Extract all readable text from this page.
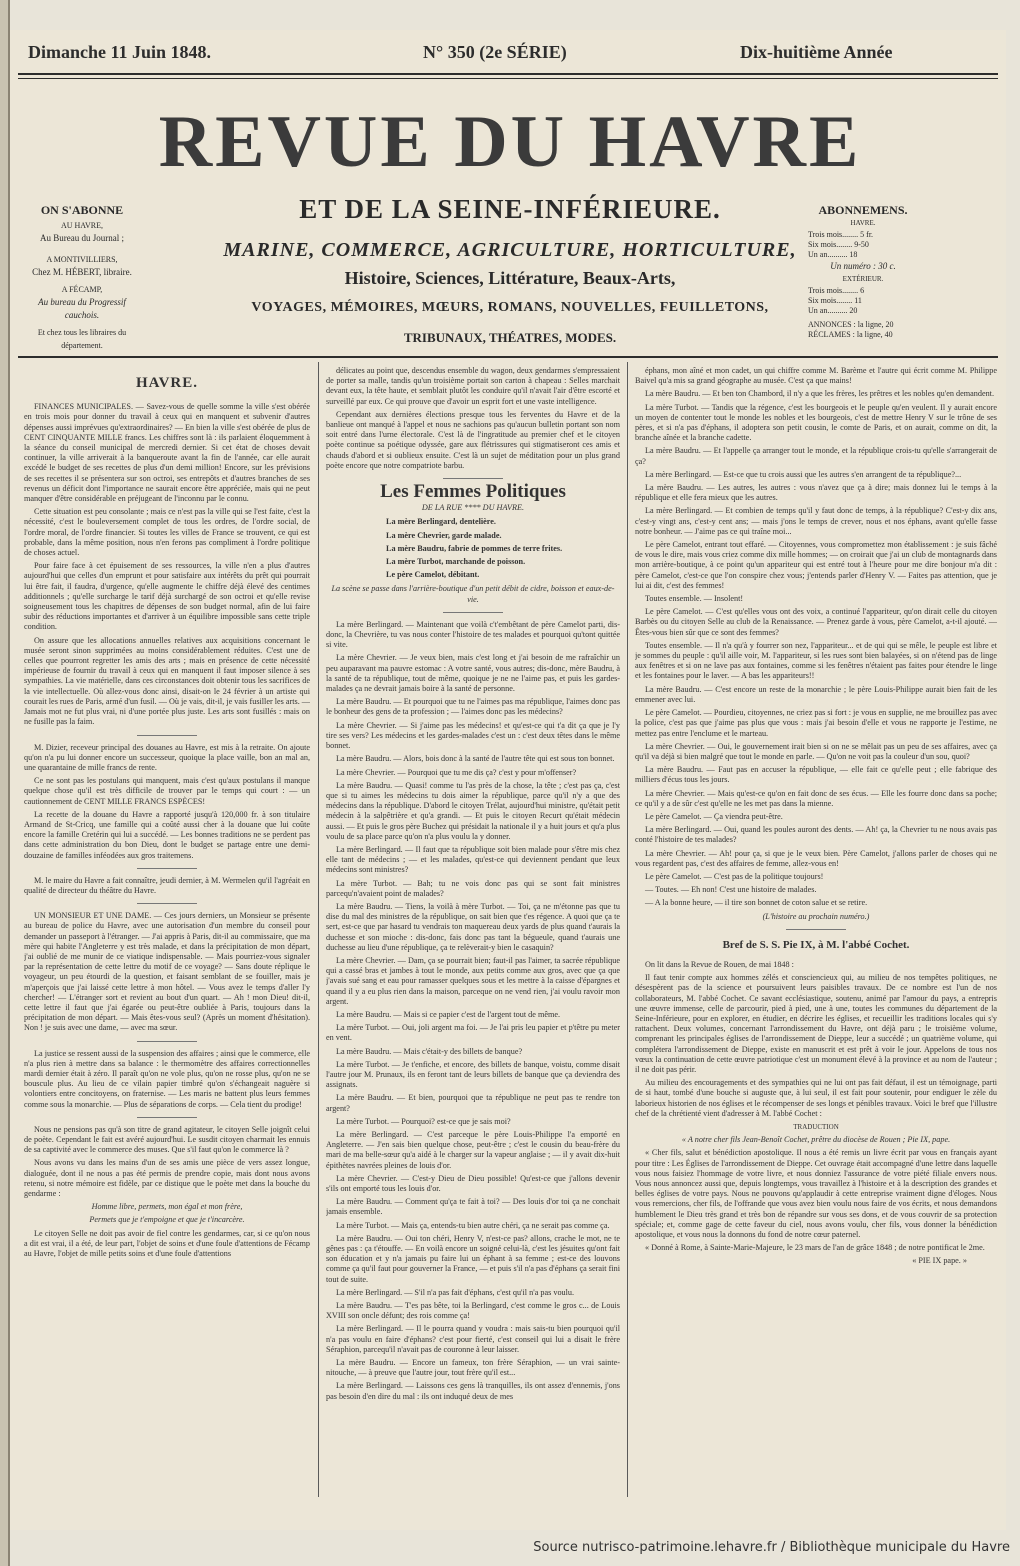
Dimanche 11 Juin 1848.	N° 350 (2e SÉRIE)	Dix-huitième Année
REVUE DU HAVRE
ET DE LA SEINE-INFÉRIEURE.
MARINE, COMMERCE, AGRICULTURE, HORTICULTURE,
Histoire, Sciences, Littérature, Beaux-Arts,
VOYAGES, MÉMOIRES, MŒURS, ROMANS, NOUVELLES, FEUILLETONS,
TRIBUNAUX, THÉATRES, MODES.
ON S'ABONNE
AU HAVRE,
Au Bureau du Journal ;
A MONTIVILLIERS,
Chez M. HÉBERT, libraire.
A FÉCAMP,
Au bureau du Progressif cauchois.
Et chez tous les libraires du département.
ABONNEMENS.
HAVRE.
Trois mois........ 5 fr.
Six mois........ 9-50
Un an.......... 18
Un numéro : 30 c.
EXTÉRIEUR.
Trois mois........ 6
Six mois........ 11
Un an.......... 20
ANNONCES : la ligne, 20
RÉCLAMES : la ligne, 40

HAVRE.

FINANCES MUNICIPALES. — Savez-vous de quelle somme la ville s'est obérée en trois mois pour donner du travail à ceux qui en manquent et subvenir d'autres dépenses aussi imprévues qu'extraordinaires? — En bien la ville s'est obérée de plus de CENT CINQUANTE MILLE francs. Les chiffres sont là : ils parlaient éloquemment à la séance du conseil municipal de mercredi dernier. Si cet état de choses devait continuer, la ville arriverait à la banqueroute avant la fin de l'année, car elle aurait excédé le budget de ses recettes de plus d'un demi million! Encore, sur les prévisions de ses recettes il se présentera sur son octroi, ses entrepôts et d'autres branches de ses revenus un déficit dont l'importance ne saurait encore être appréciée, mais qui ne peut manquer d'être considérable en préjugeant de l'inconnu par le connu.

Cette situation est peu consolante ; mais ce n'est pas la ville qui se l'est faite, c'est la nécessité, c'est le bouleversement complet de tous les ordres, de l'ordre social, de l'ordre moral, de l'ordre financier. Si toutes les villes de France se trouvent, ce qui est probable, dans la même position, nous n'en ferons pas compliment à l'ordre politique de choses actuel.

Pour faire face à cet épuisement de ses ressources, la ville n'en a plus d'autres aujourd'hui que celles d'un emprunt et pour satisfaire aux intérêts du prêt qui pourrait lui être fait, il faudra, d'urgence, qu'elle augmente le chiffre déjà élevé des centimes additionnels ; qu'elle surcharge le tarif déjà surchargé de son octroi et qu'elle revise soigneusement tous les chapitres de dépenses de son budget normal, afin de lui faire subir des réductions importantes et d'arriver à un équilibre impossible sans cette triple condition.

On assure que les allocations annuelles relatives aux acquisitions concernant le musée seront sinon supprimées au moins considérablement réduites. C'est une de celles que pourront regretter les amis des arts ; mais en présence de cette nécessité impérieuse de fournir du travail à ceux qui en manquent il faut imposer silence à ses sympathies. La vie matérielle, dans ces circonstances doit obtenir tous les sacrifices de la vie intellectuelle. Où allez-vous donc ainsi, disait-on le 24 février à un artiste qui courait les rues de Paris, armé d'un fusil. — Où je vais, dit-il, je vais fusiller les arts. — Jamais mot ne fut plus vrai, ni d'une portée plus juste. Les arts sont fusillés : mais on ne fusille pas la faim.

M. Dizier, receveur principal des douanes au Havre, est mis à la retraite. On ajoute qu'on n'a pu lui donner encore un successeur, quoique la place vaille, bon an mal an, une quarantaine de mille francs de rente.

Ce ne sont pas les postulans qui manquent, mais c'est qu'aux postulans il manque quelque chose qu'il est très difficile de trouver par le temps qui court : — un cautionnement de CENT MILLE FRANCS ESPÈCES!

La recette de la douane du Havre a rapporté jusqu'à 120,000 fr. à son titulaire Armand de St-Cricq, une famille qui a coûté aussi cher à la douane que lui coûte encore la famille Cretérin qui lui a succédé. — Les bonnes traditions ne se perdent pas dans cette administration du bon Dieu, dont le budget se partage entre une demi-douzaine de familles inféodées aux gros traitemens.

M. le maire du Havre a fait connaître, jeudi dernier, à M. Wermelen qu'il l'agréait en qualité de directeur du théâtre du Havre.

UN MONSIEUR ET UNE DAME. — Ces jours derniers, un Monsieur se présente au bureau de police du Havre, avec une autorisation d'un membre du conseil pour demander un passeport à l'étranger. — J'ai appris à Paris, dit-il au commissaire, que ma mère qui habite l'Angleterre y est très malade, et dans la précipitation de mon départ, j'ai oublié de me munir de ce viatique indispensable. — Mais pourriez-vous signaler par la représentation de cette lettre du motif de ce voyage? — Sans doute réplique le voyageur, un peu étourdi de la question, et faisant semblant de se fouiller, mais je m'aperçois que j'ai laissé cette lettre à mon hôtel. — Vous avez le temps d'aller l'y chercher! — L'étranger sort et revient au bout d'un quart. — Ah ! mon Dieu! dit-il, cette lettre il faut que j'ai égarée ou peut-être oubliée à Paris, toujours dans la précipitation de mon départ. — Mais êtes-vous seul? (Après un moment d'hésitation). Non ! je suis avec une dame, — avec ma sœur.

La justice se ressent aussi de la suspension des affaires ; ainsi que le commerce, elle n'a plus rien à mettre dans sa balance : le thermomètre des affaires correctionnelles mardi dernier était à zéro. Il paraît qu'on ne vole plus, qu'on ne rosse plus, qu'on ne se bouscule plus. Au lieu de ce vilain papier timbré qu'on s'échangeait naguère si volontiers entre concitoyens, on fraternise. — Les maris ne battent plus leurs femmes comme sous la monarchie. — Plus de séparations de corps. — Cela tient du prodige!

Nous ne pensions pas qu'à son titre de grand agitateur, le citoyen Selle joignît celui de poète. Cependant le fait est avéré aujourd'hui. Le susdit citoyen charmait les ennuis de sa captivité avec le commerce des muses. Que s'il faut qu'on le commerce là ?

Nous avons vu dans les mains d'un de ses amis une pièce de vers assez longue, dialoguée, dont il ne nous a pas été permis de prendre copie, mais dont nous avons retenu, si notre mémoire est fidèle, par ce distique que le poète met dans la bouche du gendarme :

Homme libre, permets, mon égal et mon frère,

Permets que je t'empoigne et que je t'incarcère.

Le citoyen Selle ne doit pas avoir de fiel contre les gendarmes, car, si ce qu'on nous a dit est vrai, il a été, de leur part, l'objet de soins et d'une foule d'attentions de Fécamp au Havre, l'objet de mille petits soins et d'une foule d'attentions

délicates au point que, descendus ensemble du wagon, deux gendarmes s'empressaient de porter sa malle, tandis qu'un troisième portait son carton à chapeau : Selles marchait devant eux, la tête haute, et semblait plutôt les conduire qu'il n'avait l'air d'être escorté et surveillé par eux. Ce qui prouve que d'avoir un esprit fort et une vaste intelligence.

Cependant aux dernières élections presque tous les ferventes du Havre et de la banlieue ont manqué à l'appel et nous ne sachions pas qu'aucun bulletin portant son nom soit entré dans l'urne électorale. C'est là de l'ingratitude au premier chef et le citoyen poète continue sa poétique odyssée, gare aux flétrissures qui stigmatiseront ces amis et chauds d'abord et si oublieux ensuite. C'est là un sujet de méditation pour un plus grand poète encore que notre compatriote barbu.

Les Femmes Politiques

DE LA RUE **** DU HAVRE.

La mère Berlingard, dentelière.

La mère Chevrier, garde malade.

La mère Baudru, fabrie de pommes de terre frites.

La mère Turbot, marchande de poisson.

Le père Camelot, débitant.

La scène se passe dans l'arrière-boutique d'un petit débit de cidre, boisson et eaux-de-vie.

La mère Berlingard. — Maintenant que voilà c't'embêtant de père Camelot parti, dis-donc, la Chevrière, tu vas nous conter l'histoire de tes malades et pourquoi qu'tont quittée si vite.

La mère Chevrier. — Je veux bien, mais c'est long et j'ai besoin de me rafraîchir un peu auparavant ma pauvre estomac : A votre santé, vous autres; dis-donc, mère Baudru, à la santé de ta république, tout de même, quoique je ne ne l'aime pas, et puis les gardes-malades ça ne devrait jamais boire à la santé de personne.

La mère Baudru. — Et pourquoi que tu ne l'aimes pas ma république, l'aimes donc pas le bonheur des gens de ta profession ; — l'aimes donc pas les médecins?

La mère Chevrier. — Si j'aime pas les médecins! et qu'est-ce qui t'a dit ça que je l'y tire ses vers? Les médecins et les gardes-malades c'est un : c'est deux têtes dans le même bonnet.

La mère Baudru. — Alors, bois donc à la santé de l'autre tête qui est sous ton bonnet.

La mère Chevrier. — Pourquoi que tu me dis ça? c'est y pour m'offenser?

La mère Baudru. — Quasi! comme tu l'as près de la chose, la tête ; c'est pas ça, c'est que si tu aimes les médecins tu dois aimer la république, parce qu'il n'y a que des médecins dans la république. D'abord le citoyen Trélat, aujourd'hui ministre, qu'était petit médecin à la salpêtrière et qu'a grandi. — Et puis le citoyen Recurt qu'était médecin aussi. — Et puis le gros père Buchez qui présidait la nationale il y a huit jours et qu'a plus voulu de sa place parce qu'on n'a plus voulu la y donner.

La mère Berlingard. — Il faut que ta république soit bien malade pour s'être mis chez elle tant de médecins ; — et les malades, qu'est-ce qui deviennent pendant que leux médecins sont ministres?

La mère Turbot. — Bah; tu ne vois donc pas qui se sont fait ministres parcequ'n'avaient point de malades?

La mère Baudru. — Tiens, la voilà à mère Turbot. — Toi, ça ne m'étonne pas que tu dise du mal des ministres de la république, on sait bien que t'es régence. A quoi que ça te sert, est-ce que par hasard tu vendrais ton maquereau deux yards de plus quand t'aurais la duchesse et son mioche : dis-donc, fais donc pas tant la bégueule, quand t'aurais une duchesse au lieu d'une république, ça te relèverait-y bien le casaquin?

La mère Chevrier. — Dam, ça se pourrait bien; faut-il pas l'aimer, ta sacrée république qui a cassé bras et jambes à tout le monde, aux petits comme aux gros, avec que ça que j'avais sué sang et eau pour ramasser quelques sous et les mettre à la caisse d'épargnes et quand il y a eu plus rien dans la maison, parceque on ne vend rien, j'ai voulu ravoir mon argent.

La mère Baudru. — Mais si ce papier c'est de l'argent tout de même.

La mère Turbot. — Oui, joli argent ma foi. — Je l'ai pris leu papier et p'têtre pu meter en vent.

La mère Baudru. — Mais c'était-y des billets de banque?

La mère Turbot. — Je t'enfiche, et encore, des billets de banque, voistu, comme disait l'autre jour M. Prunaux, ils en feront tant de leurs billets de banque que ça deviendra des assignats.

La mère Baudru. — Et bien, pourquoi que ta république ne peut pas te rendre ton argent?

La mère Turbot. — Pourquoi? est-ce que je sais moi?

La mère Berlingard. — C'est parceque le père Louis-Philippe l'a emporté en Angleterre. — J'en sais bien quelque chose, peut-être ; c'est le cousin du beau-frère du mari de ma belle-sœur qu'a aidé à le charger sur la vapeur anglaise ; — il y avait dix-huit épithètes navrées pleines de louis d'or.

La mère Chevrier. — C'est-y Dieu de Dieu possible! Qu'est-ce que j'allons devenir s'ils ont emporté tous les louis d'or.

La mère Baudru. — Comment qu'ça te fait à toi? — Des louis d'or toi ça ne conchait jamais ensemble.

La mère Turbot. — Mais ça, entends-tu bien autre chéri, ça ne serait pas comme ça.

La mère Baudru. — Oui ton chéri, Henry V, n'est-ce pas? allons, crache le mot, ne te gênes pas : ça t'étouffe. — En voilà encore un soigné celui-là, c'est les jésuites qu'ont fait son éducation et y n'a jamais pu faire lui un éphant à sa femme ; est-ce des louvons comme ça qu'il faut pour gouverner la France, — et puis s'il n'a pas d'éphans ça serait fini tout de suite.

La mère Berlingard. — S'il n'a pas fait d'éphans, c'est qu'il n'a pas voulu.

La mère Baudru. — T'es pas bête, toi la Berlingard, c'est comme le gros c... de Louis XVIII son oncle défunt; des rois comme ça!

La mère Berlingard. — Il le pourra quand y voudra : mais sais-tu bien pourquoi qu'il n'a pas voulu en faire d'éphans? c'est pour fierté, c'est conseil qui lui a disait le frère Séraphion, parcequ'il n'avait pas de couronne à leur laisser.

La mère Baudru. — Encore un fameux, ton frère Séraphion, — un vrai sainte-nitouche, — à preuve que l'autre jour, tout frère qu'il est...

La mère Berlingard. — Laissons ces gens là tranquilles, ils ont assez d'ennemis, j'ons pas besoin d'en dire du mal : ils ont induqué deux de mes

éphans, mon aîné et mon cadet, un qui chiffre comme M. Barème et l'autre qui écrit comme M. Philippe Baivel qu'a mis sa grand géographe au musée. C'est ça que mains!

La mère Baudru. — Et ben ton Chambord, il n'y a que les frères, les prêtres et les nobles qu'en demandent.

La mère Turbot. — Tandis que la régence, c'est les bourgeois et le peuple qu'en veulent. Il y aurait encore un moyen de contenter tout le monde les nobles et les bourgeois, c'est de mettre Henry V sur le trône de ses pères, et si n'a pas d'éphans, il adoptera son petit cousin, le comte de Paris, et on aurait, comme on dit, la branche aînée et la branche cadette.

La mère Baudru. — Et l'appelle ça arranger tout le monde, et la république crois-tu qu'elle s'arrangerait de ça?

La mère Berlingard. — Est-ce que tu crois aussi que les autres s'en arrangent de ta république?...

La mère Baudru. — Les autres, les autres : vous n'avez que ça à dire; mais donnez lui le temps à la république et elle fera mieux que les autres.

La mère Berlingard. — Et combien de temps qu'il y faut donc de temps, à la république? C'est-y dix ans, c'est-y vingt ans, c'est-y cent ans; — mais j'ons le temps de crever, nous et nos éphans, avant qu'elle fasse notre bonheur. — J'aime pas ce qui traîne moi...

Le père Camelot, entrant tout effaré. — Citoyennes, vous compromettez mon établissement : je suis fâché de vous le dire, mais vous criez comme dix mille hommes; — on croirait que j'ai un club de montagnards dans mon arrière-boutique, à ce point qu'un appariteur qui est entré tout à l'heure pour me dire bonjour m'a dit : père Camelot, c'est-ce que l'on conspire chez vous; j'entends parler d'Henry V. — Faites pas attention, que je lui ai dit, c'est des femmes!

Toutes ensemble. — Insolent!

Le père Camelot. — C'est qu'elles vous ont des voix, a continué l'appariteur, qu'on dirait celle du citoyen Barbès ou du citoyen Selle au club de la Renaissance. — Prenez garde à vous, père Camelot, a-t-il ajouté. — Êtes-vous bien sûr que ce sont des femmes?

Toutes ensemble. — Il n'a qu'à y fourrer son nez, l'appariteur... et de qui qui se mêle, le peuple est libre et je sommes du peuple : qu'il aille voir, M. l'appariteur, si les rues sont bien balayées, si on n'étend pas de linge aux fenêtres et si on ne lave pas aux fontaines, comme si les fenêtres n'étaient pas faites pour étendre le linge et les fontaines pour le laver. — A bas les appariteurs!!

La mère Baudru. — C'est encore un reste de la monarchie ; le père Louis-Philippe aurait bien fait de les emmener avec lui.

Le père Camelot. — Pourdieu, citoyennes, ne criez pas si fort : je vous en supplie, ne me brouillez pas avec la police, c'est pas que j'aime pas plus que vous : mais j'ai besoin d'elle et vous ne rapporte je l'estime, ne mettez pas entre l'enclume et le marteau.

La mère Chevrier. — Oui, le gouvernement irait bien si on ne se mêlait pas un peu de ses affaires, avec ça qu'il va déjà si bien malgré que tout le monde en parle. — Qu'on ne voit pas la couleur d'un sou, quoi?

La mère Baudru. — Faut pas en accuser la république, — elle fait ce qu'elle peut ; elle fabrique des milliers d'écus tous les jours.

La mère Chevrier. — Mais qu'est-ce qu'on en fait donc de ses écus. — Elle les fourre donc dans sa poche; ce qu'il y a de sûr c'est qu'elle ne les met pas dans la mienne.

Le père Camelot. — Ça viendra peut-être.

La mère Berlingard. — Oui, quand les poules auront des dents. — Ah! ça, la Chevrier tu ne nous avais pas conté l'histoire de tes malades?

La mère Chevrier. — Ah! pour ça, si que je le veux bien. Père Camelot, j'allons parler de choses qui ne vous regardent pas, c'est des affaires de femme, allez-vous en!

Le père Camelot. — C'est pas de la politique toujours!

— Toutes. — Eh non! C'est une histoire de malades.

— A la bonne heure, — il tire son bonnet de coton salue et se retire.

(L'histoire au prochain numéro.)

Bref de S. S. Pie IX, à M. l'abbé Cochet.

On lit dans la Revue de Rouen, de mai 1848 :

Il faut tenir compte aux hommes zélés et consciencieux qui, au milieu de nos tempêtes politiques, ne désespèrent pas de la science et poursuivent leurs paisibles travaux. De ce nombre est l'un de nos collaborateurs, M. l'abbé Cochet. Ce savant ecclésiastique, soutenu, animé par l'amour du pays, a entrepris une œuvre immense, celle de parcourir, pied à pied, une à une, toutes les communes du département de la Seine-Inférieure, pour en explorer, en étudier, en décrire les églises, et recueillir les traditions locales qui s'y rattachent. Deux volumes, concernant l'arrondissement du Havre, ont déjà paru ; le troisième volume, comprenant les principales églises de l'arrondissement de Dieppe, leur a succédé ; un quatrième volume, qui complétera l'arrondissement de Dieppe, existe en manuscrit et est prêt à voir le jour. Appelons de tous nos vœux la continuation de cette œuvre patriotique c'est un monument élevé à la province et au nom de l'auteur ; il ne doit pas périr.

Au milieu des encouragements et des sympathies qui ne lui ont pas fait défaut, il est un témoignage, parti de si haut, tombé d'une bouche si auguste que, à lui seul, il est fait pour soutenir, pour endiguer le zèle du laborieux historien de nos églises et le récompenser de ses longs et pénibles travaux. Voici le bref que l'illustre chef de la chrétienté vient d'adresser à M. l'abbé Cochet :

TRADUCTION

« A notre cher fils Jean-Benoît Cochet, prêtre du diocèse de Rouen ; Pie IX, pape.

« Cher fils, salut et bénédiction apostolique. Il nous a été remis un livre écrit par vous en français ayant pour titre : Les Églises de l'arrondissement de Dieppe. Cet ouvrage était accompagné d'une lettre dans laquelle vous nous faisiez l'hommage de votre livre, et nous donniez l'assurance de votre piété filiale envers nous. Vous nous annoncez aussi que, depuis longtemps, vous travaillez à l'histoire et à la description des grandes et belles églises de votre pays. Nous ne pouvons qu'applaudir à cette entreprise vraiment digne d'éloges. Nous vous remercions, cher fils, de l'offrande que vous avez bien voulu nous faire de vos écrits, et nous demandons humblement le Dieu très grand et très bon de répandre sur vous ses dons, et de vous couvrir de sa protection spéciale; et, comme gage de cette faveur du ciel, nous avons voulu, cher fils, vous donner la bénédiction apostolique, et vous nous la donnons du fond de notre cœur paternel.

« Donné à Rome, à Sainte-Marie-Majeure, le 23 mars de l'an de grâce 1848 ; de notre pontificat le 2me.

« PIE IX pape. »

Source nutrisco-patrimoine.lehavre.fr / Bibliothèque municipale du Havre
